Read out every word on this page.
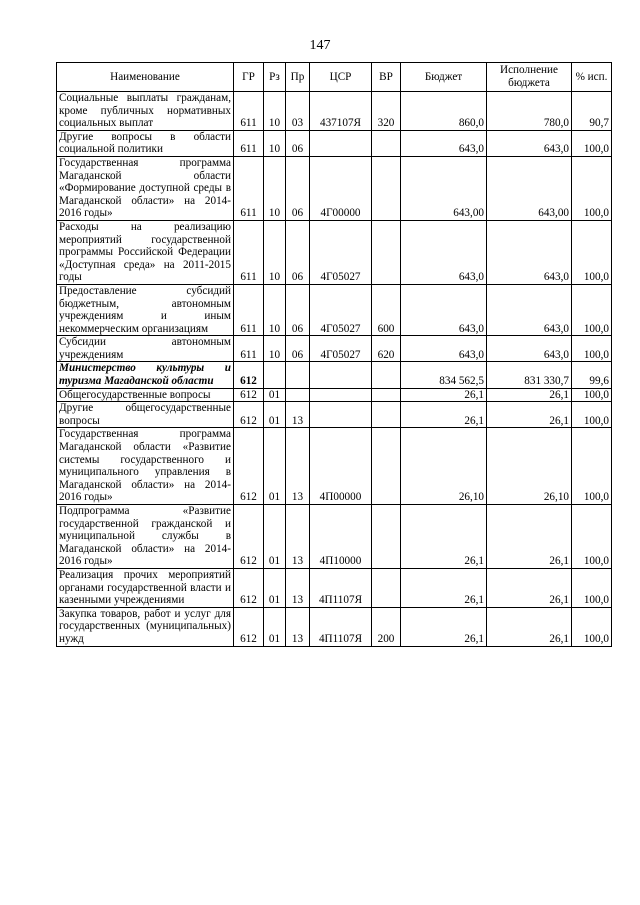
147
Наименование	ГР	Рз	Пр	ЦСР	ВР	Бюджет	Исполнение бюджета	% исп.
Социальные выплаты гражданам, кроме публичных нормативных социальных выплат	611	10	03	437107Я	320	860,0	780,0	90,7
Другие вопросы в области социальной политики	611	10	06			643,0	643,0	100,0
Государственная программа Магаданской области «Формирование доступной среды в Магаданской области» на 2014-2016 годы»	611	10	06	4Г00000		643,00	643,00	100,0
Расходы на реализацию мероприятий государственной программы Российской Федерации «Доступная среда» на 2011-2015 годы	611	10	06	4Г05027		643,0	643,0	100,0
Предоставление субсидий бюджетным, автономным учреждениям и иным некоммерческим организациям	611	10	06	4Г05027	600	643,0	643,0	100,0
Субсидии автономным учреждениям	611	10	06	4Г05027	620	643,0	643,0	100,0
Министерство культуры и туризма Магаданской области	612					834 562,5	831 330,7	99,6
Общегосударственные вопросы	612	01				26,1	26,1	100,0
Другие общегосударственные вопросы	612	01	13			26,1	26,1	100,0
Государственная программа Магаданской области «Развитие системы государственного и муниципального управления в Магаданской области» на 2014-2016 годы»	612	01	13	4П00000		26,10	26,10	100,0
Подпрограмма «Развитие государственной гражданской и муниципальной службы в Магаданской области» на 2014-2016 годы»	612	01	13	4П10000		26,1	26,1	100,0
Реализация прочих мероприятий органами государственной власти и казенными учреждениями	612	01	13	4П1107Я		26,1	26,1	100,0
Закупка товаров, работ и услуг для государственных (муниципальных) нужд	612	01	13	4П1107Я	200	26,1	26,1	100,0
